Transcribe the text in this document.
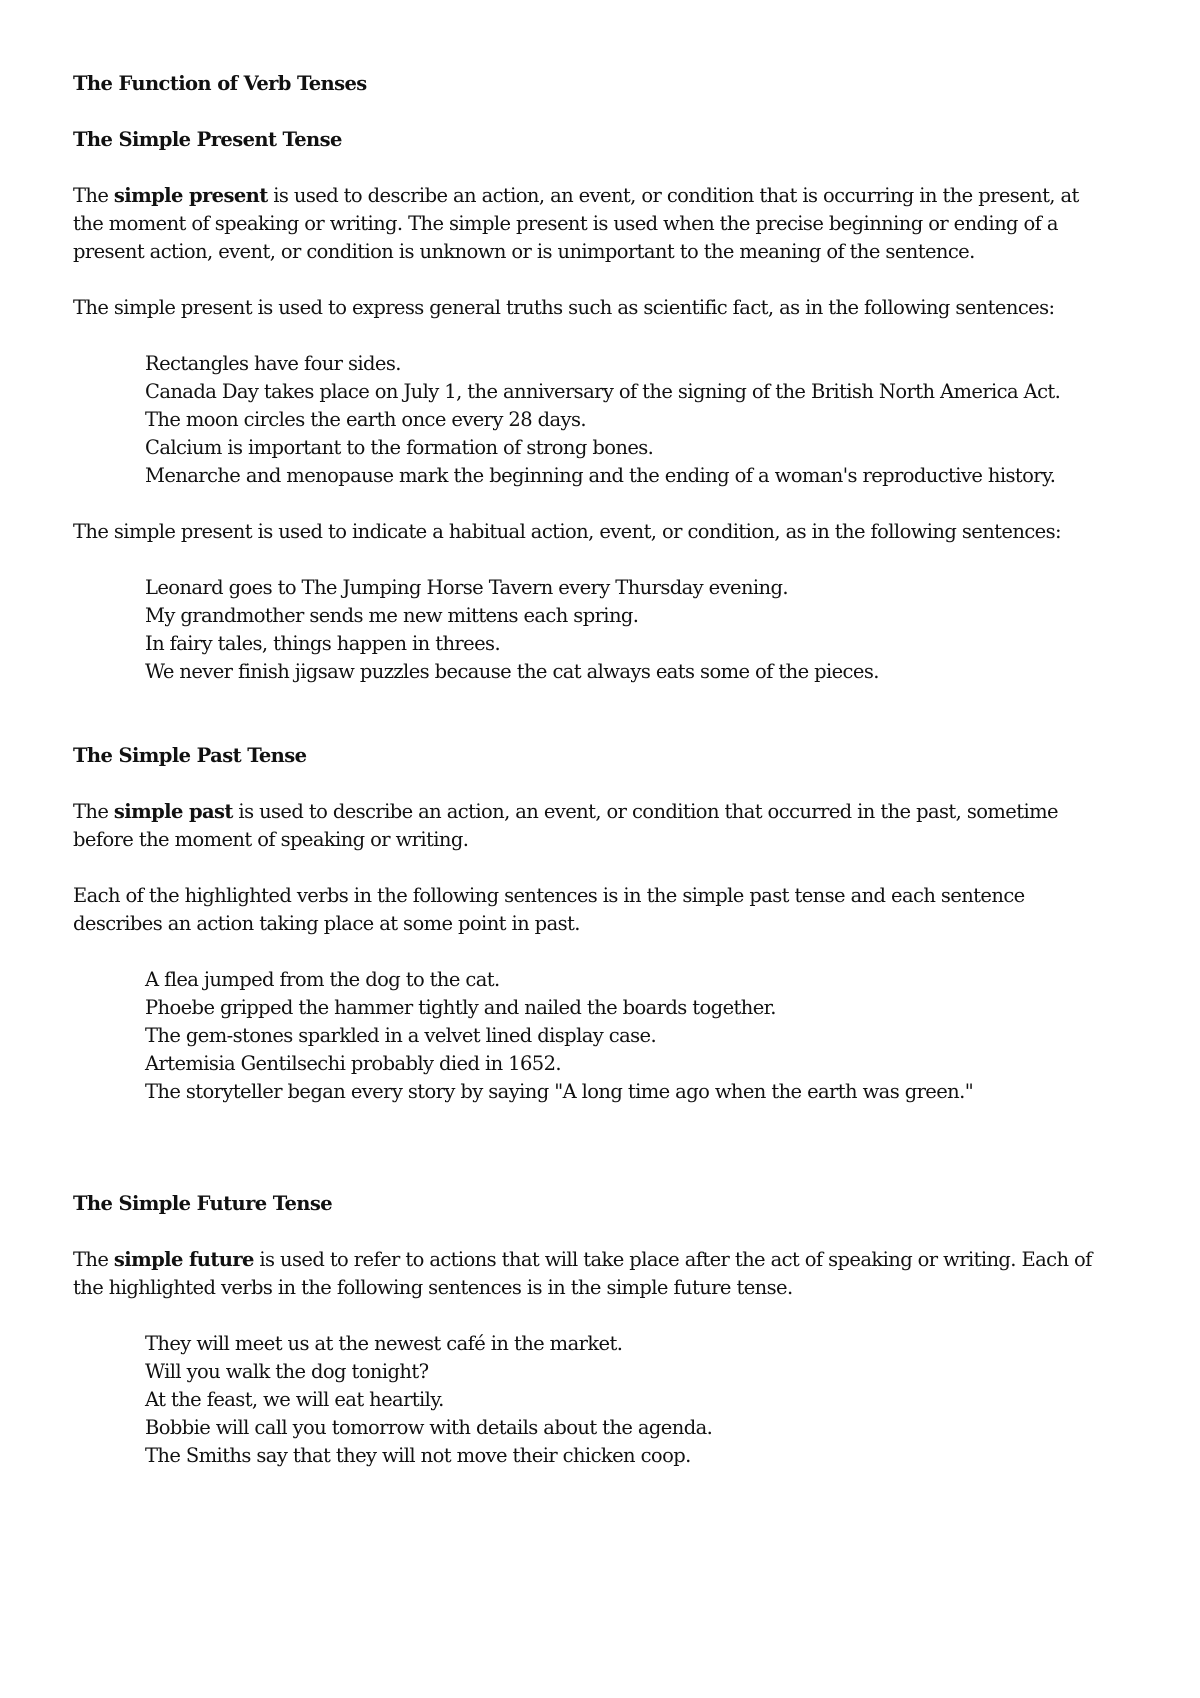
The Function of Verb Tenses
The Simple Present Tense
The simple present is used to describe an action, an event, or condition that is occurring in the present, at
the moment of speaking or writing. The simple present is used when the precise beginning or ending of a
present action, event, or condition is unknown or is unimportant to the meaning of the sentence.
The simple present is used to express general truths such as scientific fact, as in the following sentences:
Rectangles have four sides.
Canada Day takes place on July 1, the anniversary of the signing of the British North America Act.
The moon circles the earth once every 28 days.
Calcium is important to the formation of strong bones.
Menarche and menopause mark the beginning and the ending of a woman's reproductive history.
The simple present is used to indicate a habitual action, event, or condition, as in the following sentences:
Leonard goes to The Jumping Horse Tavern every Thursday evening.
My grandmother sends me new mittens each spring.
In fairy tales, things happen in threes.
We never finish jigsaw puzzles because the cat always eats some of the pieces.
The Simple Past Tense
The simple past is used to describe an action, an event, or condition that occurred in the past, sometime
before the moment of speaking or writing.
Each of the highlighted verbs in the following sentences is in the simple past tense and each sentence
describes an action taking place at some point in past.
A flea jumped from the dog to the cat.
Phoebe gripped the hammer tightly and nailed the boards together.
The gem-stones sparkled in a velvet lined display case.
Artemisia Gentilsechi probably died in 1652.
The storyteller began every story by saying "A long time ago when the earth was green."
The Simple Future Tense
The simple future is used to refer to actions that will take place after the act of speaking or writing. Each of
the highlighted verbs in the following sentences is in the simple future tense.
They will meet us at the newest café in the market.
Will you walk the dog tonight?
At the feast, we will eat heartily.
Bobbie will call you tomorrow with details about the agenda.
The Smiths say that they will not move their chicken coop.
